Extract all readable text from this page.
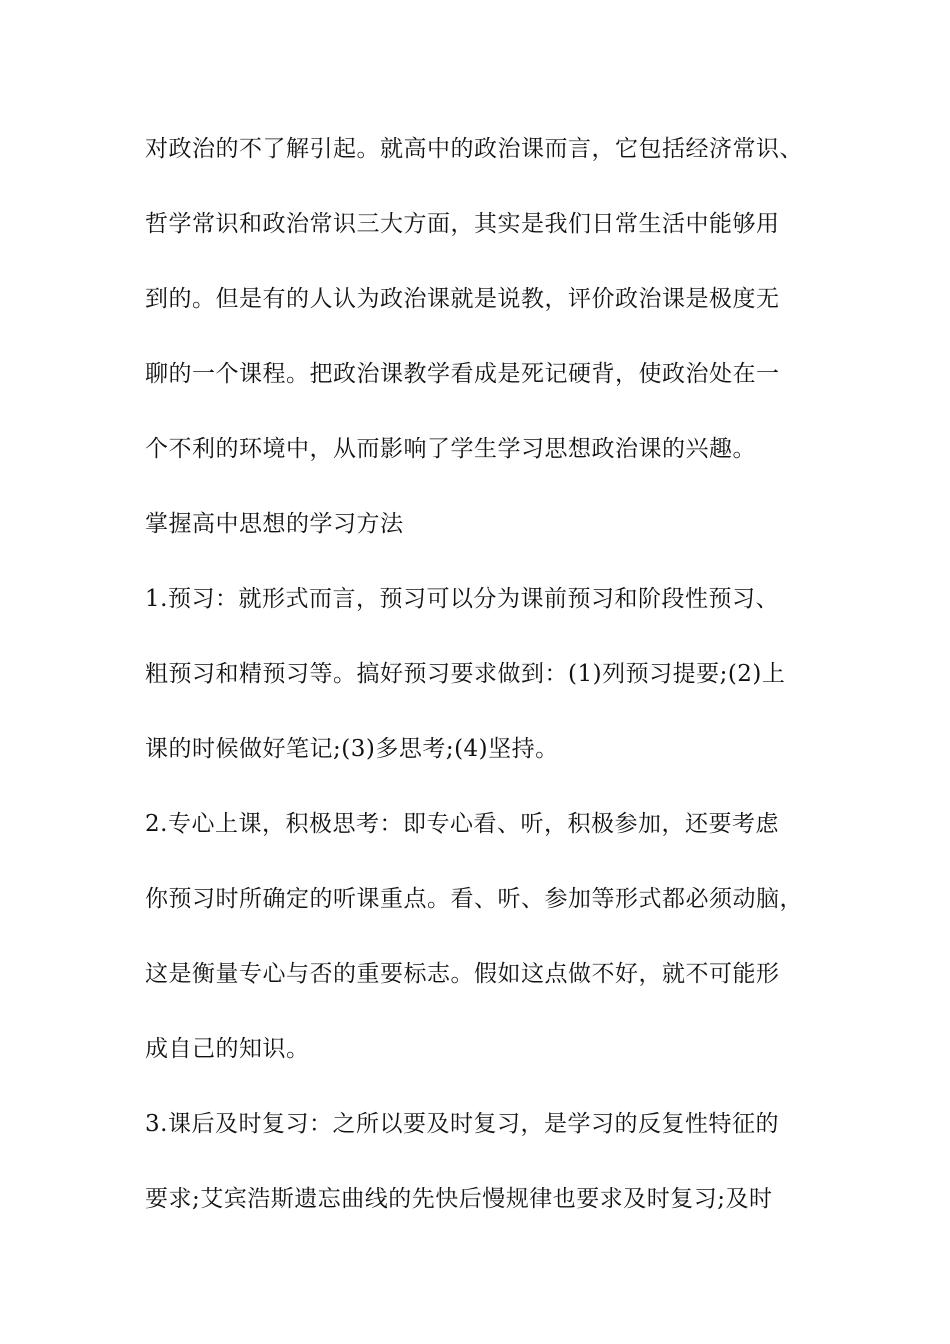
对政治的不了解引起。就高中的政治课而言，它包括经济常识、
哲学常识和政治常识三大方面，其实是我们日常生活中能够用
到的。但是有的人认为政治课就是说教，评价政治课是极度无
聊的一个课程。把政治课教学看成是死记硬背，使政治处在一
个不利的环境中，从而影响了学生学习思想政治课的兴趣。
掌握高中思想的学习方法
1.预习：就形式而言，预习可以分为课前预习和阶段性预习、
粗预习和精预习等。搞好预习要求做到：(1)列预习提要;(2)上
课的时候做好笔记;(3)多思考;(4)坚持。
2.专心上课，积极思考：即专心看、听，积极参加，还要考虑
你预习时所确定的听课重点。看、听、参加等形式都必须动脑，
这是衡量专心与否的重要标志。假如这点做不好，就不可能形
成自己的知识。
3.课后及时复习：之所以要及时复习，是学习的反复性特征的
要求;艾宾浩斯遗忘曲线的先快后慢规律也要求及时复习;及时
